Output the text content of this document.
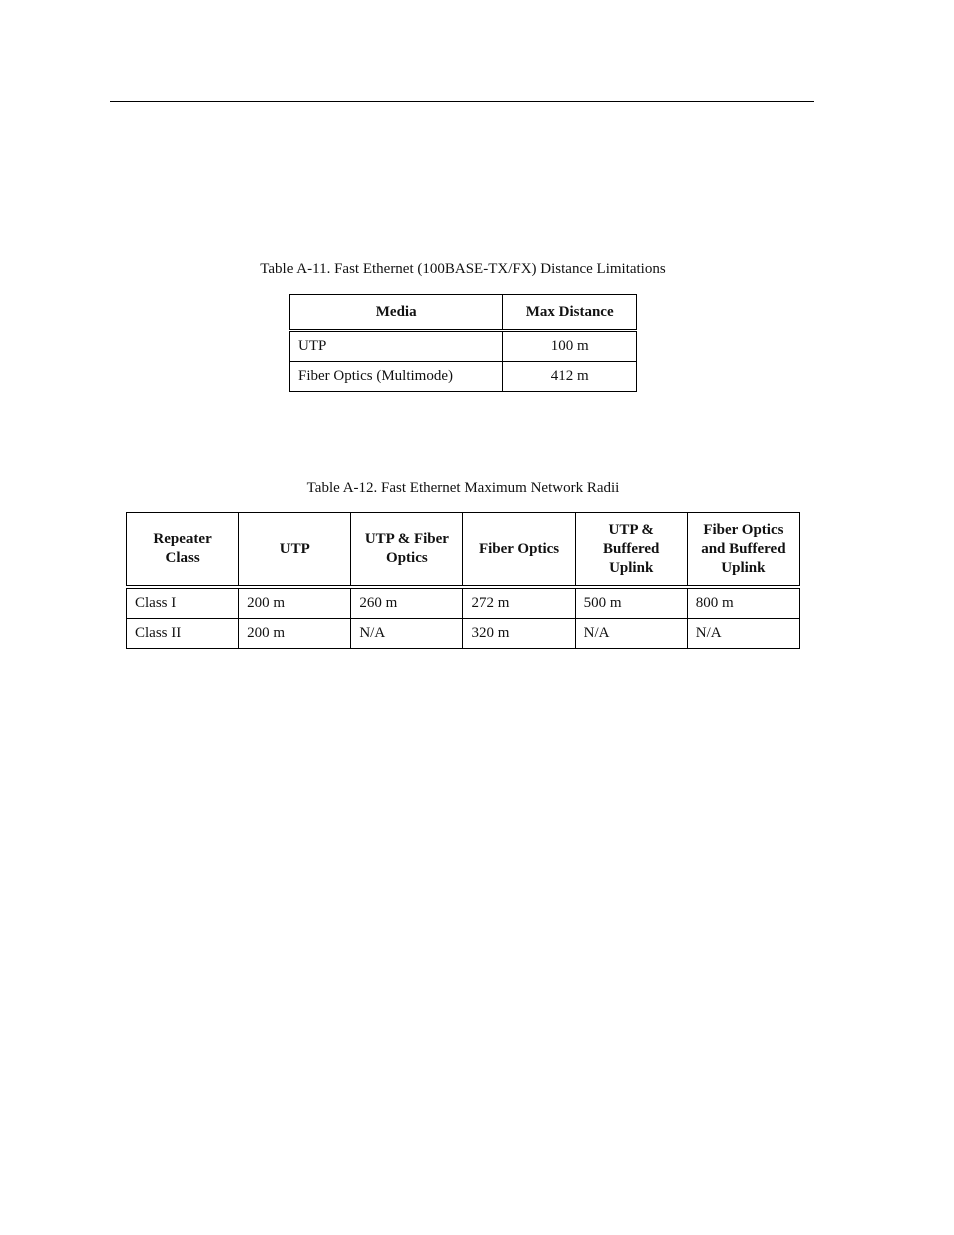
Table A-11. Fast Ethernet (100BASE-TX/FX) Distance Limitations
Media	Max Distance
UTP	100 m
Fiber Optics (Multimode)	412 m
Table A-12. Fast Ethernet Maximum Network Radii
Repeater Class	UTP	UTP & Fiber Optics	Fiber Optics	UTP & Buffered Uplink	Fiber Optics and Buffered Uplink
Class I	200 m	260 m	272 m	500 m	800 m
Class II	200 m	N/A	320 m	N/A	N/A
